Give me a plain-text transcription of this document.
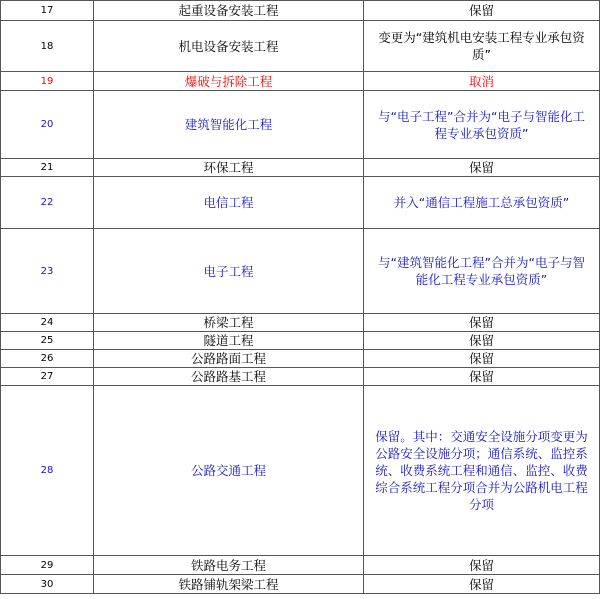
17	起重设备安装工程	保留
18	机电设备安装工程	变更为“建筑机电安装工程专业承包资质”
19	爆破与拆除工程	取消
20	建筑智能化工程	与“电子工程”合并为“电子与智能化工程专业承包资质”
21	环保工程	保留
22	电信工程	并入“通信工程施工总承包资质”
23	电子工程	与“建筑智能化工程”合并为“电子与智能化工程专业承包资质”
24	桥梁工程	保留
25	隧道工程	保留
26	公路路面工程	保留
27	公路路基工程	保留
28	公路交通工程	保留。其中：交通安全设施分项变更为公路安全设施分项；通信系统、监控系统、收费系统工程和通信、监控、收费综合系统工程分项合并为公路机电工程分项
29	铁路电务工程	保留
30	铁路铺轨架梁工程	保留
